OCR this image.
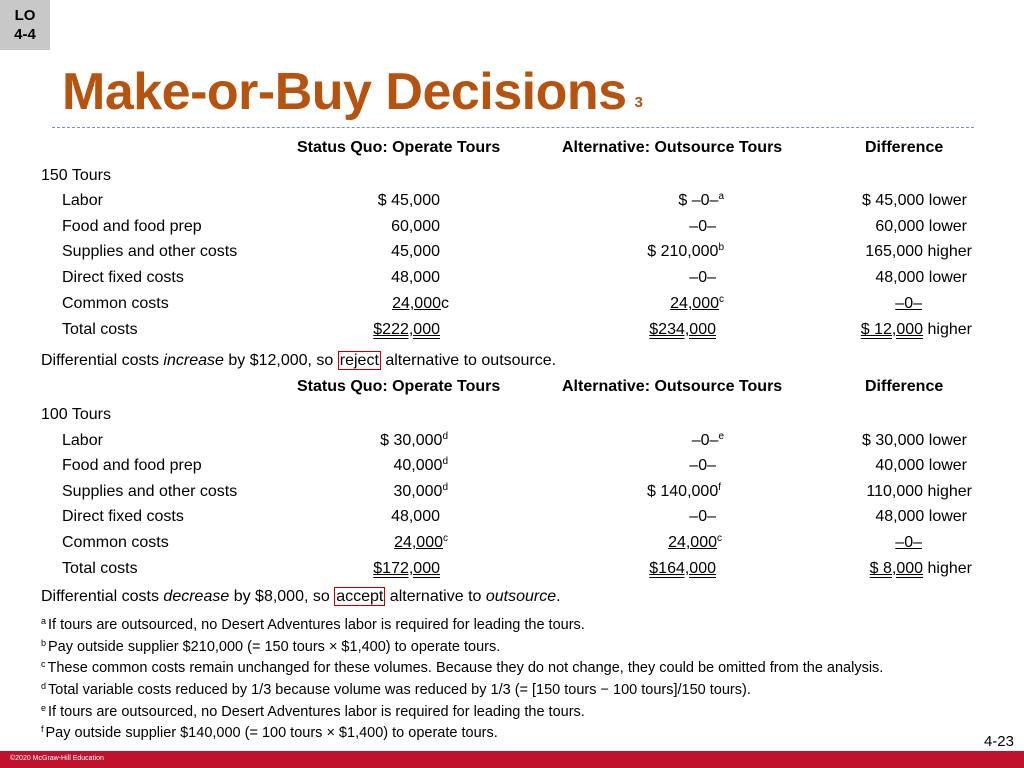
LO
4-4
Make-or-Buy Decisions $^3$
Status Quo: Operate Tours	Alternative: Outsource Tours	Difference
150 Tours
Labor	$ 45,000	$ –0–$^a$	$ 45,000 lower
Food and food prep	60,000	–0–	60,000 lower
Supplies and other costs	45,000	$ 210,000$^b$	165,000 higher
Direct fixed costs	48,000	–0–	48,000 lower
Common costs	24,000c	24,000$^c$	–0–
Total costs	$222,000	$234,000	$ 12,000 higher
Differential costs increase by $12,000, so reject alternative to outsource.
Status Quo: Operate Tours	Alternative: Outsource Tours	Difference
100 Tours
Labor	$ 30,000$^d$	–0–$^e$	$ 30,000 lower
Food and food prep	40,000$^d$	–0–	40,000 lower
Supplies and other costs	30,000$^d$	$ 140,000$^f$	110,000 higher
Direct fixed costs	48,000	–0–	48,000 lower
Common costs	24,000$^c$	24,000$^c$	–0–
Total costs	$172,000	$164,000	$ 8,000 higher
Differential costs decrease by $8,000, so accept alternative to outsource.
$^a$ If tours are outsourced, no Desert Adventures labor is required for leading the tours.
$^b$ Pay outside supplier $210,000 (= 150 tours × $1,400) to operate tours.
$^c$ These common costs remain unchanged for these volumes. Because they do not change, they could be omitted from the analysis.
$^d$ Total variable costs reduced by 1/3 because volume was reduced by 1/3 (= [150 tours − 100 tours]/150 tours).
$^e$ If tours are outsourced, no Desert Adventures labor is required for leading the tours.
$^f$ Pay outside supplier $140,000 (= 100 tours × $1,400) to operate tours.	4-23
©2020 McGraw-Hill Education
